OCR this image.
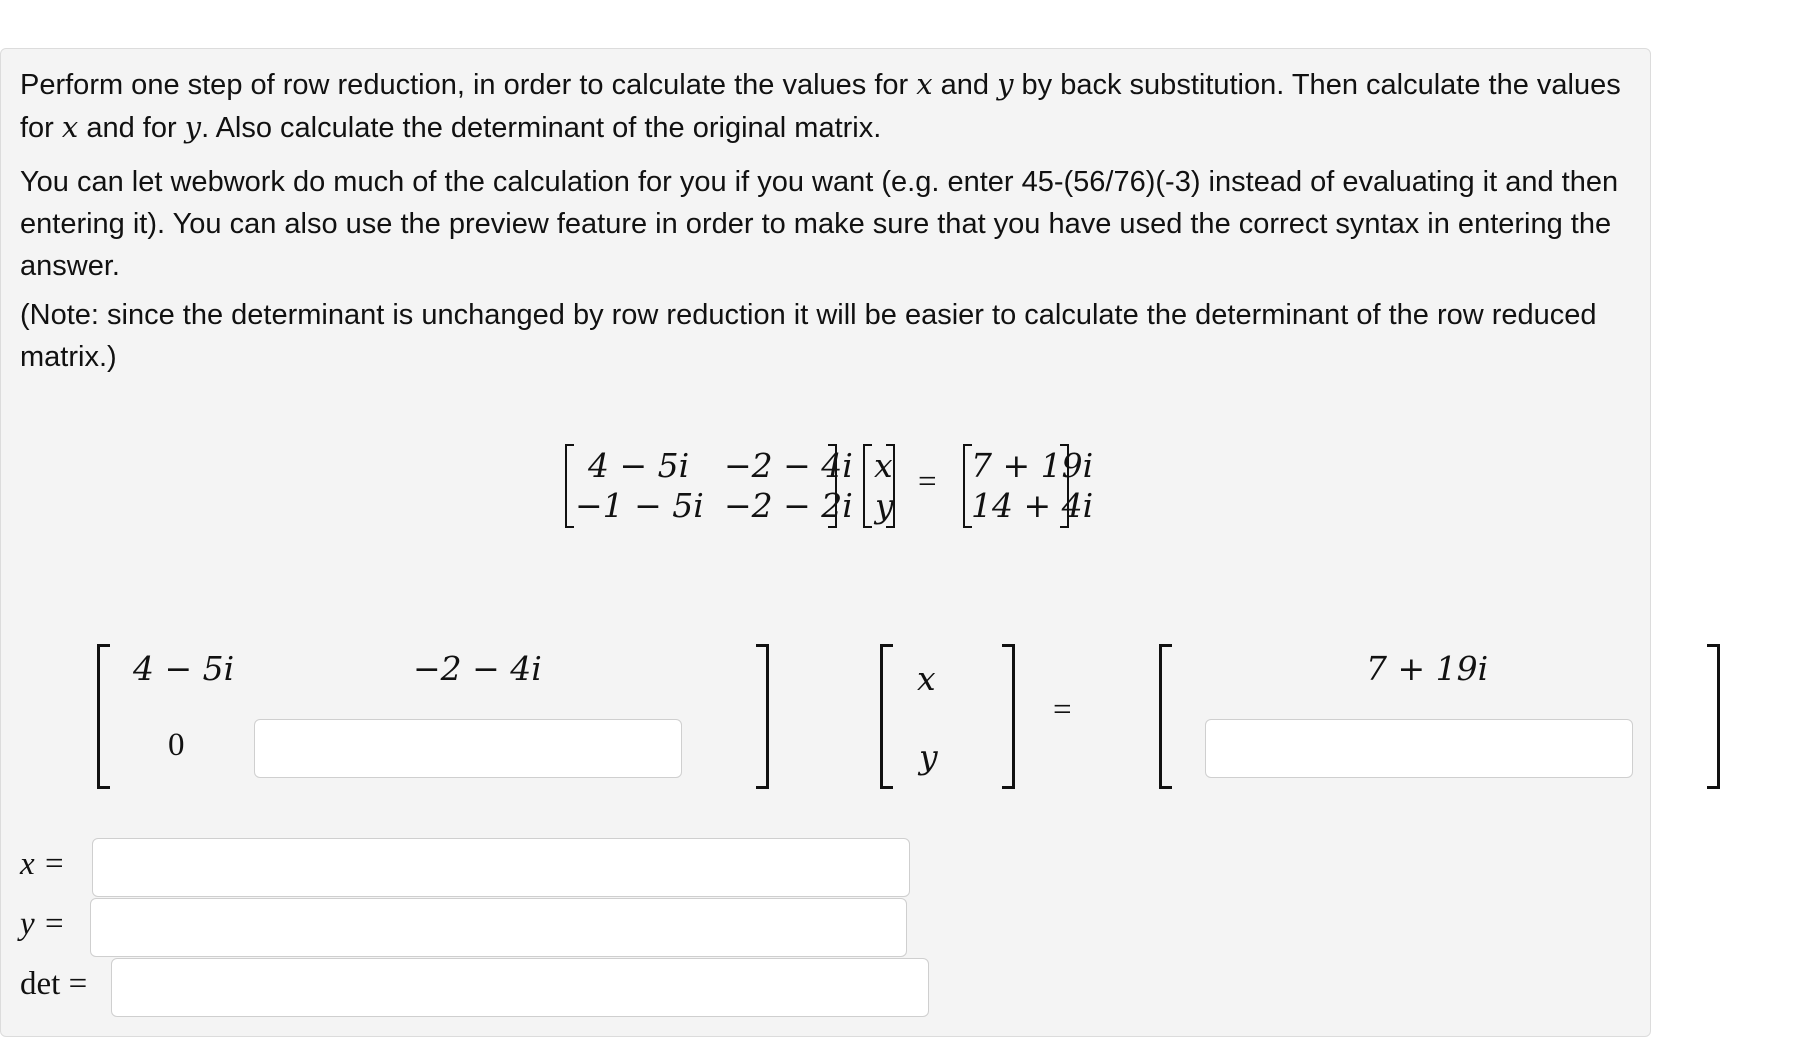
Perform one step of row reduction, in order to calculate the values for x and y by back substitution. Then calculate the values for x and for y. Also calculate the determinant of the original matrix.

You can let webwork do much of the calculation for you if you want (e.g. enter 45-(56/76)(-3) instead of evaluating it and then entering it). You can also use the preview feature in order to make sure that you have used the correct syntax in entering the answer.

(Note: since the determinant is unchanged by row reduction it will be easier to calculate the determinant of the row reduced matrix.)

4 − 5i −2 − 4i
−1 − 5i −2 − 2i
x
y
= 7 + 19i
14 + 4i
4 − 5i	−2 − 4i
0
x
y
=
7 + 19i
x =
y =
det =
